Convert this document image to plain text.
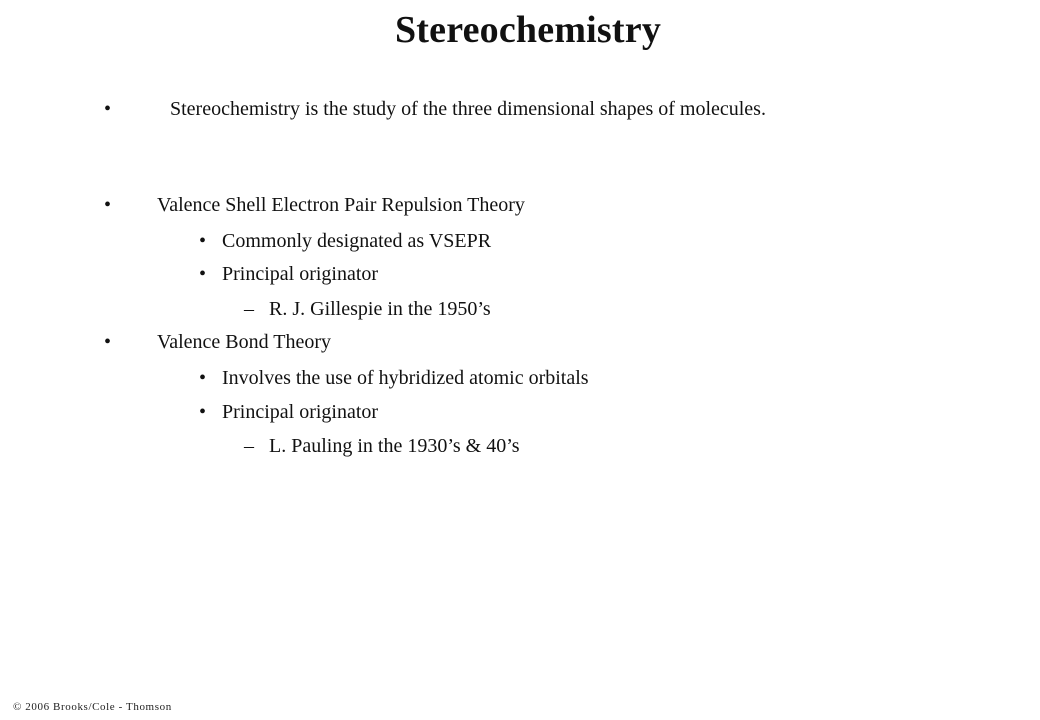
Stereochemistry
•	Stereochemistry is the study of the three dimensional shapes of molecules.
• Valence Shell Electron Pair Repulsion Theory
• Commonly designated as VSEPR
• Principal originator
– R. J. Gillespie in the 1950’s
• Valence Bond Theory
• Involves the use of hybridized atomic orbitals
• Principal originator
– L. Pauling in the 1930’s & 40’s
© 2006 Brooks/Cole - Thomson
